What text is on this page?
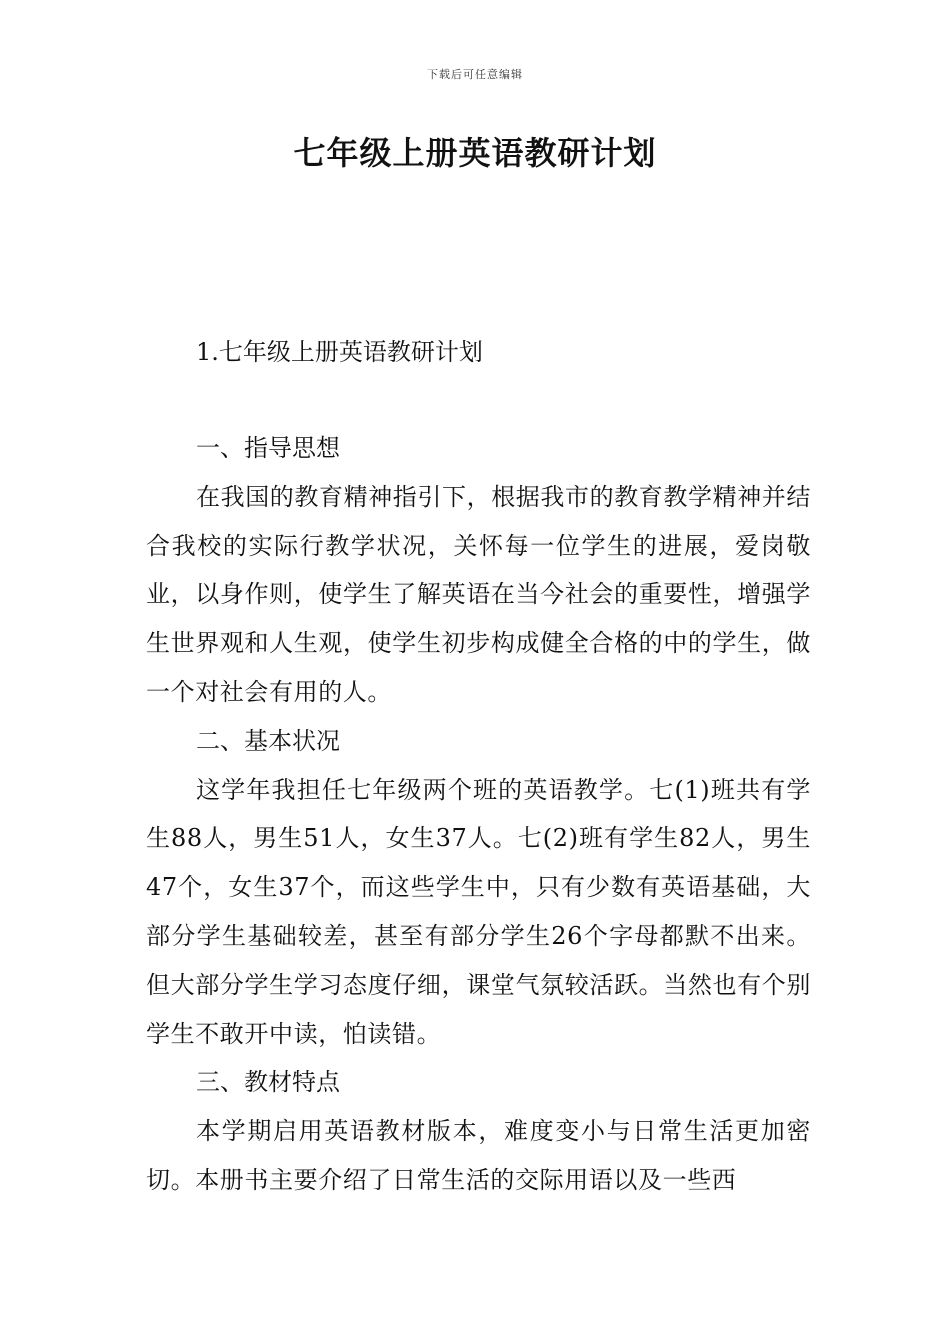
下载后可任意编辑
七年级上册英语教研计划
1.七年级上册英语教研计划
一、指导思想

在我国的教育精神指引下，根据我市的教育教学精神并结合我校的实际行教学状况，关怀每一位学生的进展，爱岗敬业，以身作则，使学生了解英语在当今社会的重要性，增强学生世界观和人生观，使学生初步构成健全合格的中的学生，做一个对社会有用的人。

二、基本状况

这学年我担任七年级两个班的英语教学。七(1)班共有学生88人，男生51人，女生37人。七(2)班有学生82人，男生47个，女生37个，而这些学生中，只有少数有英语基础，大部分学生基础较差，甚至有部分学生26个字母都默不出来。但大部分学生学习态度仔细，课堂气氛较活跃。当然也有个别学生不敢开中读，怕读错。

三、教材特点

本学期启用英语教材版本，难度变小与日常生活更加密切。本册书主要介绍了日常生活的交际用语以及一些西
